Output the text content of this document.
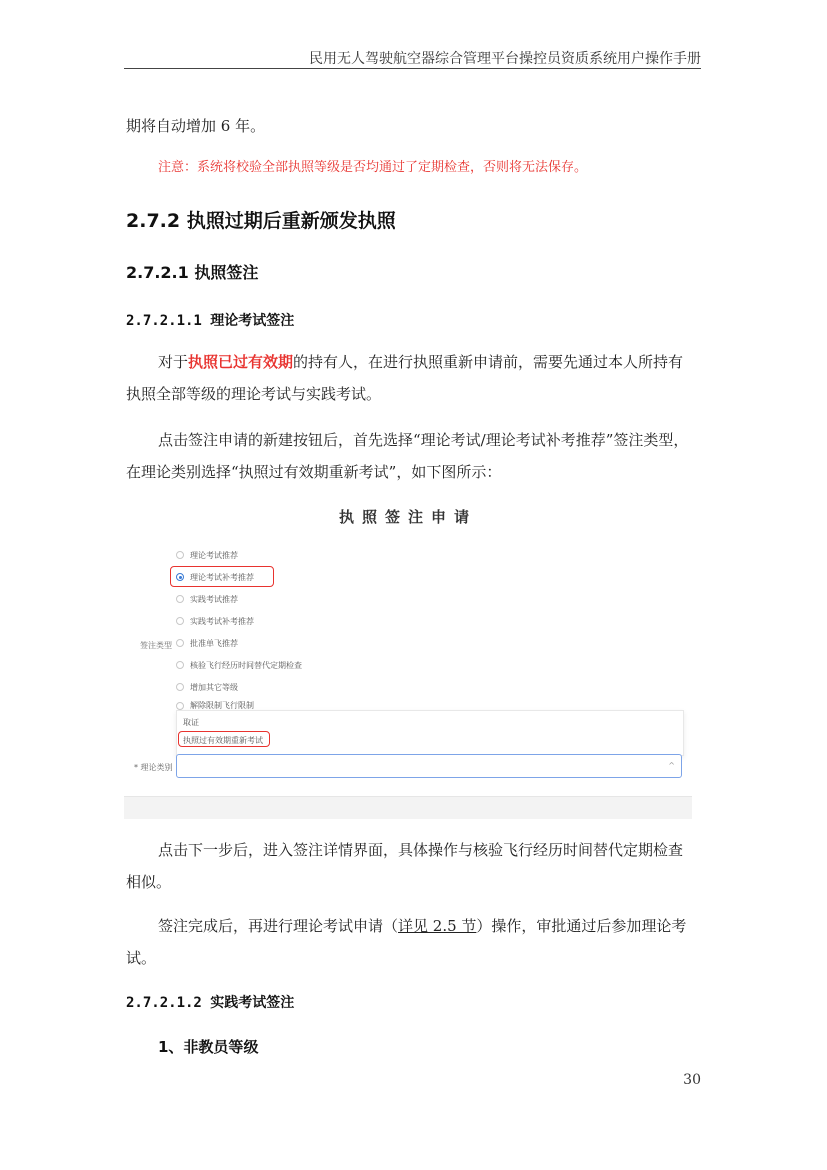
民用无人驾驶航空器综合管理平台操控员资质系统用户操作手册
期将自动增加 6 年。
注意：系统将校验全部执照等级是否均通过了定期检查，否则将无法保存。
2.7.2 执照过期后重新颁发执照
2.7.2.1 执照签注
2.7.2.1.1 理论考试签注
对于执照已过有效期的持有人，在进行执照重新申请前，需要先通过本人所持有执照全部等级的理论考试与实践考试。
点击签注申请的新建按钮后，首先选择“理论考试/理论考试补考推荐”签注类型，在理论类别选择“执照过有效期重新考试”，如下图所示：
执照签注申请
理论考试推荐
理论考试补考推荐
实践考试推荐
实践考试补考推荐
签注类型 批准单飞推荐
核验飞行经历时间替代定期检查
增加其它等级
解除限制飞行限制
取证
执照过有效期重新考试
* 理论类别	^
点击下一步后，进入签注详情界面，具体操作与核验飞行经历时间替代定期检查相似。
签注完成后，再进行理论考试申请（详见 2.5 节）操作，审批通过后参加理论考试。
2.7.2.1.2 实践考试签注
1、非教员等级
30
